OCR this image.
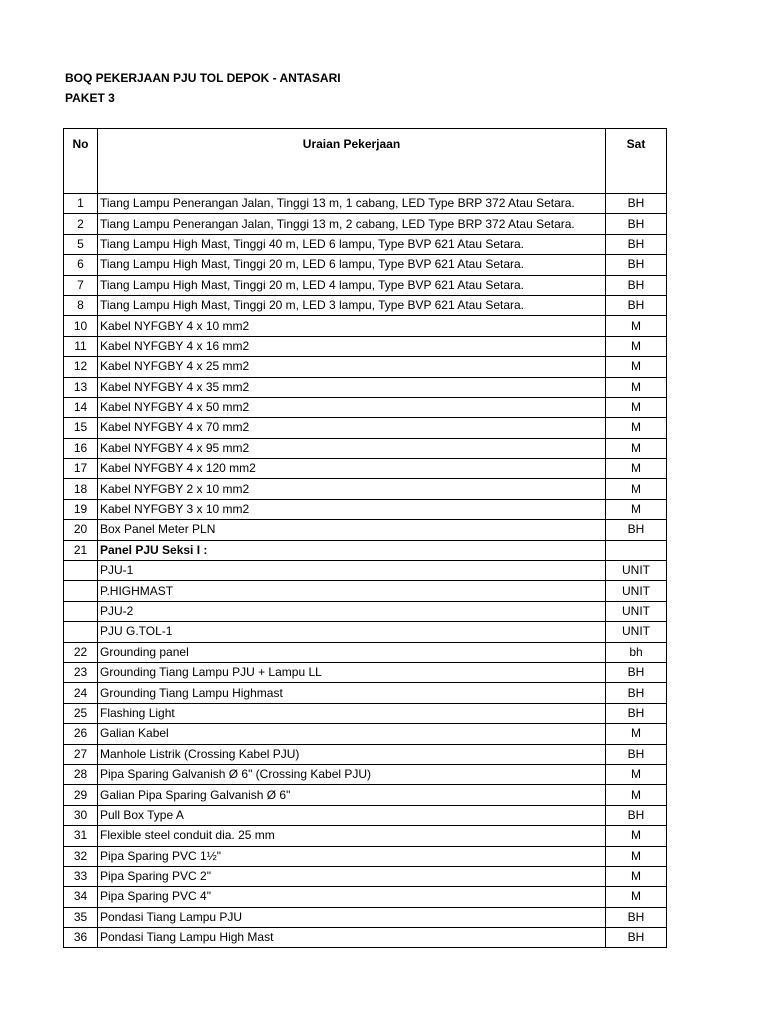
BOQ PEKERJAAN PJU TOL DEPOK - ANTASARI
PAKET 3
No	Uraian Pekerjaan	Sat
1	Tiang Lampu Penerangan Jalan, Tinggi 13 m, 1 cabang, LED Type BRP 372 Atau Setara.	BH
2	Tiang Lampu Penerangan Jalan, Tinggi 13 m, 2 cabang, LED Type BRP 372 Atau Setara.	BH
5	Tiang Lampu High Mast, Tinggi 40 m, LED 6 lampu, Type BVP 621 Atau Setara.	BH
6	Tiang Lampu High Mast, Tinggi 20 m, LED 6 lampu, Type BVP 621 Atau Setara.	BH
7	Tiang Lampu High Mast, Tinggi 20 m, LED 4 lampu, Type BVP 621 Atau Setara.	BH
8	Tiang Lampu High Mast, Tinggi 20 m, LED 3 lampu, Type BVP 621 Atau Setara.	BH
10	Kabel NYFGBY 4 x 10 mm2	M
11	Kabel NYFGBY 4 x 16 mm2	M
12	Kabel NYFGBY 4 x 25 mm2	M
13	Kabel NYFGBY 4 x 35 mm2	M
14	Kabel NYFGBY 4 x 50 mm2	M
15	Kabel NYFGBY 4 x 70 mm2	M
16	Kabel NYFGBY 4 x 95 mm2	M
17	Kabel NYFGBY 4 x 120 mm2	M
18	Kabel NYFGBY 2 x 10 mm2	M
19	Kabel NYFGBY 3 x 10 mm2	M
20	Box Panel Meter PLN	BH
21	Panel PJU Seksi I :	
	PJU-1	UNIT
	P.HIGHMAST	UNIT
	PJU-2	UNIT
	PJU G.TOL-1	UNIT
22	Grounding panel	bh
23	Grounding Tiang Lampu PJU + Lampu LL	BH
24	Grounding Tiang Lampu Highmast	BH
25	Flashing Light	BH
26	Galian Kabel	M
27	Manhole Listrik (Crossing Kabel PJU)	BH
28	Pipa Sparing Galvanish Ø 6" (Crossing Kabel PJU)	M
29	Galian Pipa Sparing Galvanish Ø 6"	M
30	Pull Box Type A	BH
31	Flexible steel conduit dia. 25 mm	M
32	Pipa Sparing PVC 1½"	M
33	Pipa Sparing PVC 2"	M
34	Pipa Sparing PVC 4"	M
35	Pondasi Tiang Lampu PJU	BH
36	Pondasi Tiang Lampu High Mast	BH
